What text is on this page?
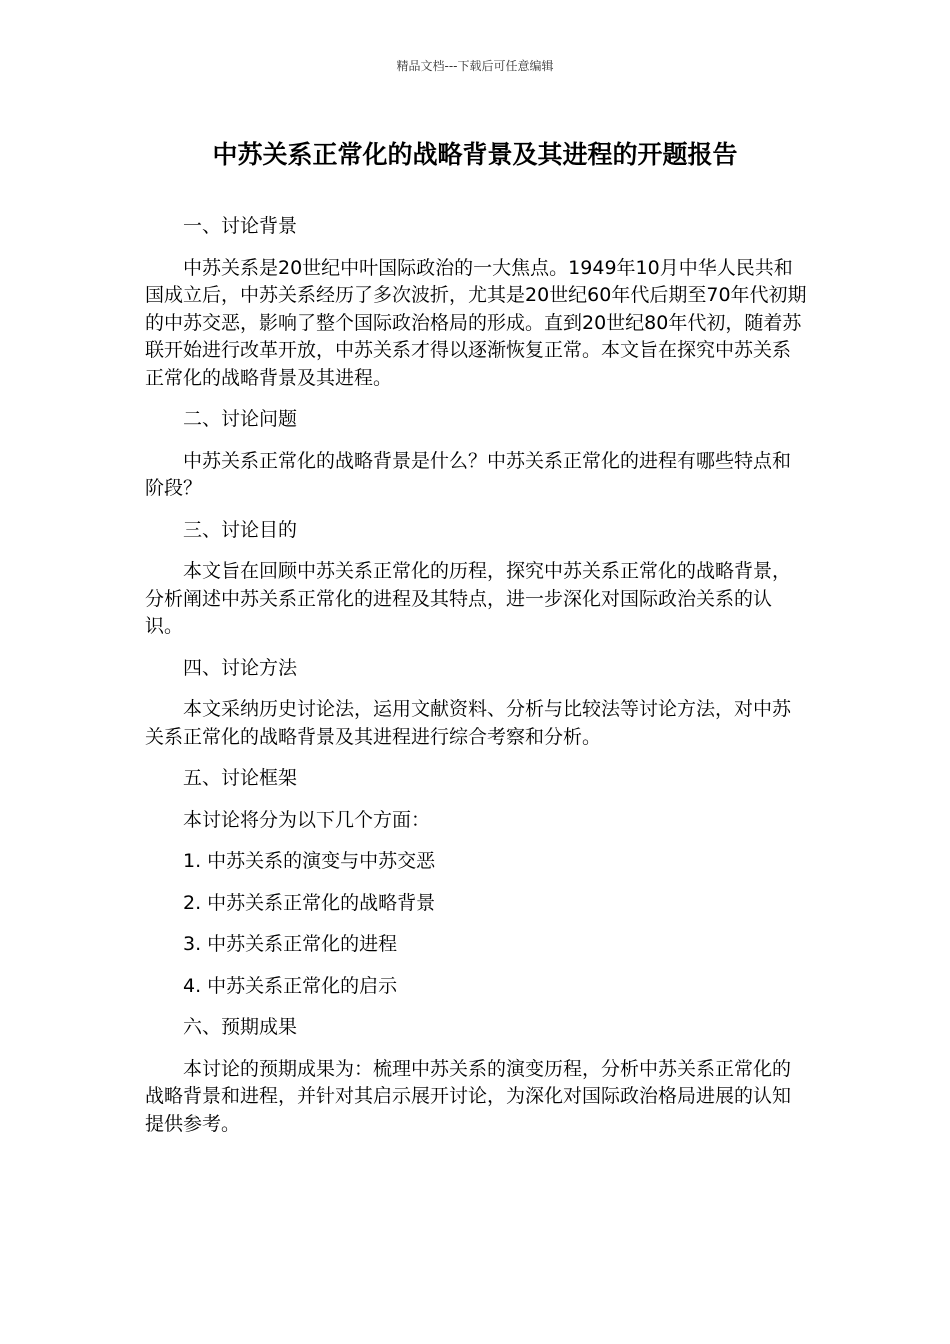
精品文档---下载后可任意编辑
中苏关系正常化的战略背景及其进程的开题报告

一、讨论背景

中苏关系是20世纪中叶国际政治的一大焦点。1949年10月中华人民共和国成立后，中苏关系经历了多次波折，尤其是20世纪60年代后期至70年代初期的中苏交恶，影响了整个国际政治格局的形成。直到20世纪80年代初，随着苏联开始进行改革开放，中苏关系才得以逐渐恢复正常。本文旨在探究中苏关系正常化的战略背景及其进程。

二、讨论问题

中苏关系正常化的战略背景是什么？中苏关系正常化的进程有哪些特点和阶段？

三、讨论目的

本文旨在回顾中苏关系正常化的历程，探究中苏关系正常化的战略背景，分析阐述中苏关系正常化的进程及其特点，进一步深化对国际政治关系的认识。

四、讨论方法

本文采纳历史讨论法，运用文献资料、分析与比较法等讨论方法，对中苏关系正常化的战略背景及其进程进行综合考察和分析。

五、讨论框架

本讨论将分为以下几个方面：

1. 中苏关系的演变与中苏交恶

2. 中苏关系正常化的战略背景

3. 中苏关系正常化的进程

4. 中苏关系正常化的启示

六、预期成果

本讨论的预期成果为：梳理中苏关系的演变历程，分析中苏关系正常化的战略背景和进程，并针对其启示展开讨论，为深化对国际政治格局进展的认知提供参考。
